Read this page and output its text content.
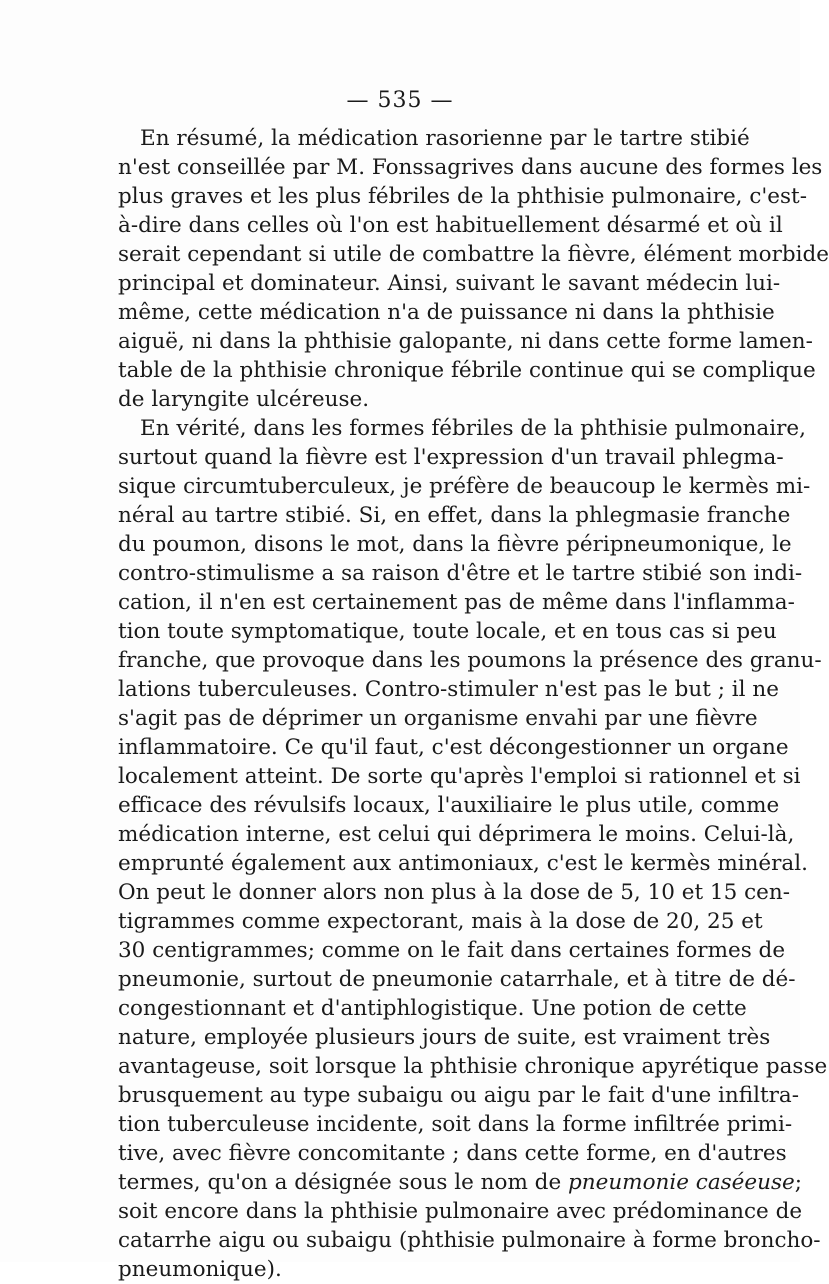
— 535 —
En résumé, la médication rasorienne par le tartre stibié
n'est conseillée par M. Fonssagrives dans aucune des formes les
plus graves et les plus fébriles de la phthisie pulmonaire, c'est-
à-dire dans celles où l'on est habituellement désarmé et où il
serait cependant si utile de combattre la fièvre, élément morbide
principal et dominateur. Ainsi, suivant le savant médecin lui-
même, cette médication n'a de puissance ni dans la phthisie
aiguë, ni dans la phthisie galopante, ni dans cette forme lamen-
table de la phthisie chronique fébrile continue qui se complique
de laryngite ulcéreuse.
En vérité, dans les formes fébriles de la phthisie pulmonaire,
surtout quand la fièvre est l'expression d'un travail phlegma-
sique circumtuberculeux, je préfère de beaucoup le kermès mi-
néral au tartre stibié. Si, en effet, dans la phlegmasie franche
du poumon, disons le mot, dans la fièvre péripneumonique, le
contro-stimulisme a sa raison d'être et le tartre stibié son indi-
cation, il n'en est certainement pas de même dans l'inflamma-
tion toute symptomatique, toute locale, et en tous cas si peu
franche, que provoque dans les poumons la présence des granu-
lations tuberculeuses. Contro-stimuler n'est pas le but ; il ne
s'agit pas de déprimer un organisme envahi par une fièvre
inflammatoire. Ce qu'il faut, c'est décongestionner un organe
localement atteint. De sorte qu'après l'emploi si rationnel et si
efficace des révulsifs locaux, l'auxiliaire le plus utile, comme
médication interne, est celui qui déprimera le moins. Celui-là,
emprunté également aux antimoniaux, c'est le kermès minéral.
On peut le donner alors non plus à la dose de 5, 10 et 15 cen-
tigrammes comme expectorant, mais à la dose de 20, 25 et
30 centigrammes; comme on le fait dans certaines formes de
pneumonie, surtout de pneumonie catarrhale, et à titre de dé-
congestionnant et d'antiphlogistique. Une potion de cette
nature, employée plusieurs jours de suite, est vraiment très
avantageuse, soit lorsque la phthisie chronique apyrétique passe
brusquement au type subaigu ou aigu par le fait d'une infiltra-
tion tuberculeuse incidente, soit dans la forme infiltrée primi-
tive, avec fièvre concomitante ; dans cette forme, en d'autres
termes, qu'on a désignée sous le nom de pneumonie caséeuse;
soit encore dans la phthisie pulmonaire avec prédominance de
catarrhe aigu ou subaigu (phthisie pulmonaire à forme broncho-
pneumonique).
